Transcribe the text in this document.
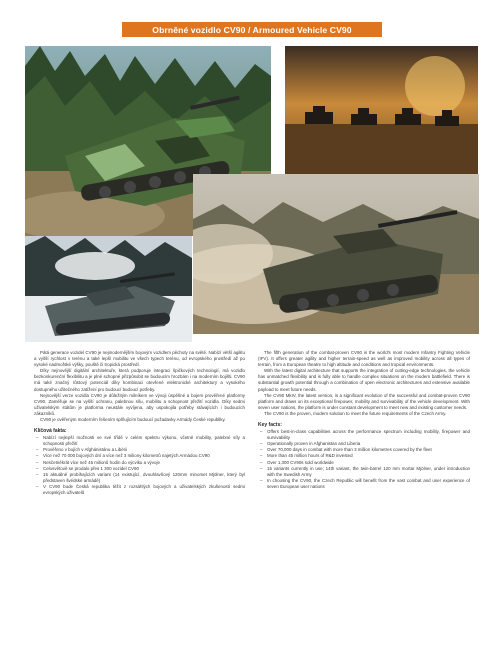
Obrněné vozidlo CV90 / Armoured Vehicle CV90

Pátá generace vozidel CV90 je nejmodernějším bojovým vozidlem pěchoty na světě. Nabízí větší agilitu a vyšší rychlost v terénu a také lepší mobilitu ve všech typech terénu, od evropského prostředí až po vysoké nadmořské výšky, pouště či tropická prostředí.

Díky nejnovější digitální architektuře, která podporuje integraci špičkových technologií, má vozidlo bezkonkurenční flexibilitu a je plně schopné přizpůsobit se budoucím hrozbám i na moderním bojišti. CV90 má také značný růstový potenciál díky kombinaci otevřené elektronické architektury a vysokého dostupného užitečného zatížení pro budoucí budoucí potřeby.

Nejnovější verze vozidla CV90 je důležitým milníkem ve vývoji úspěšné a bojem prověřené platformy CV90. Zaměřuje se na vyšší ochranu, palebnou sílu, mobilitu a schopnost přežití vozidla. Díky sedmi uživatelským státům je platforma neustále vyvíjena, aby uspokojila potřeby stávajících i budoucích zákazníků.

CV90 je ověřeným moderním řešením splňujícím budoucí požadavky Armády České republiky.

Klíčová fakta:
– Nabízí nejlepší možnosti ve své třídě v celém spektru výkonu, včetně mobility, palebné síly a schopnosti přežití
– Prověřeno v bojích v Afghánistánu a Libérii
– Více než 70 000 bojových dní a více než 3 miliony kilometrů najetých Armádou CV90
– Nesčetněkrát více než 45 milionů hodin do výcviku a vývoje
– Celosvětově se prodalo přes 1 300 vozidel CV90
– 15 aktuálně probíhajících variant (14 existující, dvouhlavňový 120mm minomet Mjölner, který byl představen švédské armádě)
– V CV90 bude Česká republika těžit z rozsáhlých bojových a uživatelských zkušeností sedmi evropských uživatelů

The fifth generation of the combat-proven CV90 is the world's most modern Infantry Fighting Vehicle (IFV). It offers greater agility and higher terrain-speed as well as improved mobility across all types of terrain, from a European theatre to high altitude and conditions and tropical environments.

With the latest digital architecture that supports the integration of cutting-edge technologies, the vehicle has unmatched flexibility and is fully able to handle complex situations on the modern battlefield. There is substantial growth potential through a combination of open electronic architectures and extensive available payload to meet future needs.

The CV90 MkIV, the latest version, is a significant evolution of the successful and combat-proven CV90 platform and draws on its exceptional firepower, mobility and survivability of the vehicle development. With seven user nations, the platform is under constant development to meet new and existing customer needs.

The CV90 is the proven, modern solution to meet the future requirements of the Czech Army.

Key facts:
– Offers best-in-class capabilities across the performance spectrum including mobility, firepower and survivability
– Operationally proven in Afghanistan and Liberia
– Over 70,000 days in combat with more than 3 million kilometres covered by the fleet
– More than 45 million hours of R&D invested
– Over 1,300 CV90s sold worldwide
– 15 variants currently in use; 14th variant, the twin-barrel 120 mm mortar Mjölner, under introduction with the Swedish Army
– In choosing the CV90, the Czech Republic will benefit from the vast combat and user experience of seven European user nations
